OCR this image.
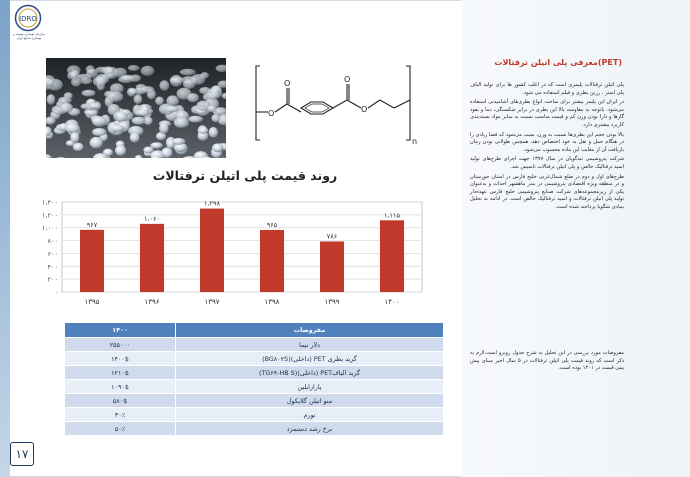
IDRO
سازمان نوسازی توسعه و بهسازی صنایع ایران
O
O	O
O
n
(PET)معرفی پلی اتیلن ترفتالات

پلی اتیلن ترفتالات پلیمری است که در اغلب کشور ها برای تولید الیاف پلی استر ، رزین بطری و فیلم استفاده می شود.

در ایران این پلیمر بیشتر برای ساخت انواع بطری‌های آشامیدنی استفاده می‌شود. باتوجه به مقاومت بالا این بطری در برابر شکستگی، دما و نفوذ گازها و دارا بودن وزن کم و قیمت مناسب نسبت به سایر مواد بسته‌بندی کاربرد بیشتری دارد.

بالا بودن حجم این بطری‌ها نسبت به وزن، سبب می‌شود که فضا زیادی را در هنگام حمل و نقل به خود اختصاص دهد، همچنین طولانی بودن زمان بازیافت آن از معایب این ماده محسوب می‌شود.

شرکت پتروشیمی تندگویان در سال ۱۳۷۷ جهت اجرای طرح‌های تولید اسید ترفتالیک خالص و پلی اتیلن ترفتالات تاسیس شد.

طرح‌های اول و دوم در ضلع شمال‌غربی خلیج فارس در استان خوزستان و در منطقه ویژه اقتصادی پتروشیمی در بندر ماهشهر احداث و به‌عنوان یکی از زیرمجموعه‌های شرکت صنایع پتروشیمی خلیج فارس عهده‌دار تولید پلی اتیلن ترفتالات و اسید ترفتالیک خالص است. در ادامه به تحلیل بنیادی شگویا پرداخته شده است.

مفروضات مورد بررسی در این تحلیل به شرح جدول روبرو است.لازم به ذکر است که روند قیمت پلی اتیلن ترفتالات در ۵ سال اخیر مبنای پیش بینی قیمت در ۱۴۰۱ بوده است.

روند قیمت پلی اتیلن ترفتالات
۰
۲۰۰
۴۰۰
۶۰۰
۸۰۰
۱،۰۰۰
۱،۲۰۰
۱،۴۰۰
۹۶۷
۱۳۹۵
۱،۰۶۰
۱۳۹۶
۱،۲۹۸
۱۳۹۷
۹۶۵
۱۳۹۸
۷۸۶
۱۳۹۹
۱،۱۱۵
۱۴۰۰
۱۴۰۰	مفروضات
۲۵۵۰۰۰	دلار نیما
۱۴۰۰$	گرید بطری PET (داخلی)(BG۸۰۲S)
۱۲۱۰$	گرید الیافPET (داخلی)(TG۶۴-HB S)
۱۰۹۰$	پارازایلین
۵۸۰$	منو اتیلن گلایکول
۳۰٪	تورم
۵۰٪	نرخ رشد دستمزد
۱۷
